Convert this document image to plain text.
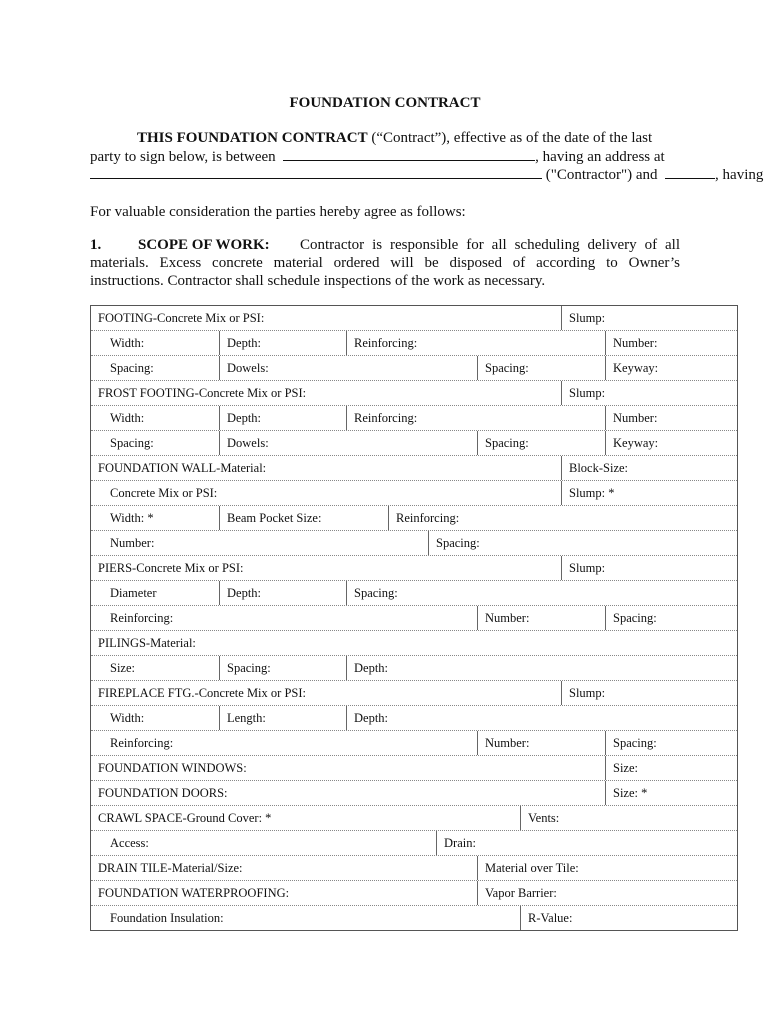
FOUNDATION CONTRACT
THIS FOUNDATION CONTRACT (“Contract”), effective as of the date of the last
party to sign below, is between	, having an address at
("Contractor") and	, having
For valuable consideration the parties hereby agree as follows:
1. SCOPE OF WORK: Contractor is responsible for all scheduling delivery of all
materials. Excess concrete material ordered will be disposed of according to Owner’s
instructions. Contractor shall schedule inspections of the work as necessary.
FOOTING-Concrete Mix or PSI:	Slump:
Width:	Depth:	Reinforcing:	Number:
Spacing:	Dowels:	Spacing:	Keyway:
FROST FOOTING-Concrete Mix or PSI:	Slump:
Width:	Depth:	Reinforcing:	Number:
Spacing:	Dowels:	Spacing:	Keyway:
FOUNDATION WALL-Material:	Block-Size:
Concrete Mix or PSI:	Slump: *
Width: *	Beam Pocket Size:	Reinforcing:
Number:	Spacing:
PIERS-Concrete Mix or PSI:	Slump:
Diameter	Depth:	Spacing:
Reinforcing:	Number:	Spacing:
PILINGS-Material:
Size:	Spacing:	Depth:
FIREPLACE FTG.-Concrete Mix or PSI:	Slump:
Width:	Length:	Depth:
Reinforcing:	Number:	Spacing:
FOUNDATION WINDOWS:	Size:
FOUNDATION DOORS:	Size: *
CRAWL SPACE-Ground Cover: *	Vents:
Access:	Drain:
DRAIN TILE-Material/Size:	Material over Tile:
FOUNDATION WATERPROOFING:	Vapor Barrier:
Foundation Insulation:	R-Value:
